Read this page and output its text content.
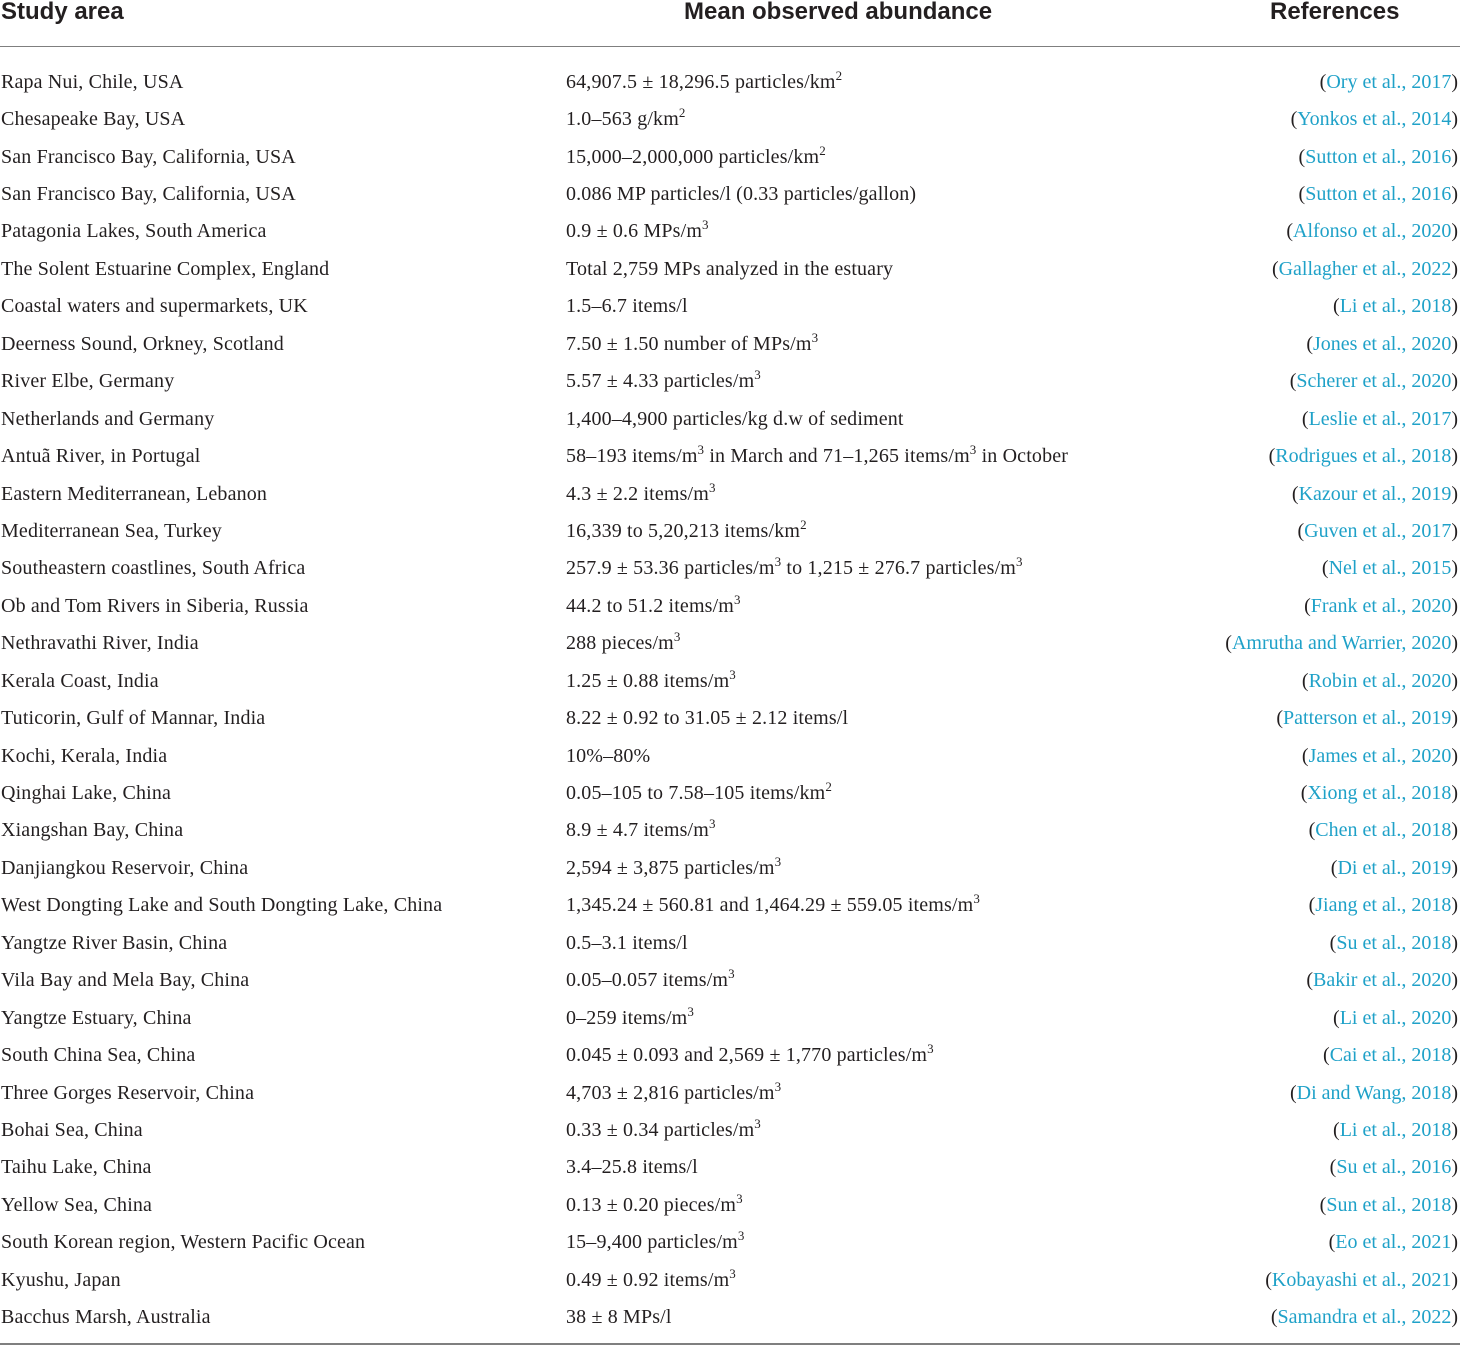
Study area	Mean observed abundance	References
Rapa Nui, Chile, USA	64,907.5 ± 18,296.5 particles/$km^2$	(Ory et al., 2017)
Chesapeake Bay, USA	1.0–563 $g/km^2$	(Yonkos et al., 2014)
San Francisco Bay, California, USA	15,000–2,000,000 particles/$km^2$	(Sutton et al., 2016)
San Francisco Bay, California, USA	0.086 MP particles/l (0.33 particles/gallon)	(Sutton et al., 2016)
Patagonia Lakes, South America	0.9 ± 0.6 MPs/$m^3$	(Alfonso et al., 2020)
The Solent Estuarine Complex, England	Total 2,759 MPs analyzed in the estuary	(Gallagher et al., 2022)
Coastal waters and supermarkets, UK	1.5–6.7 items/l	(Li et al., 2018)
Deerness Sound, Orkney, Scotland	7.50 ± 1.50 number of MPs/$m^3$	(Jones et al., 2020)
River Elbe, Germany	5.57 ± 4.33 particles/$m^3$	(Scherer et al., 2020)
Netherlands and Germany	1,400–4,900 particles/kg d.w of sediment	(Leslie et al., 2017)
Antuã River, in Portugal	58–193 items/$m^3$ in March and 71–1,265 items/$m^3$ in October	(Rodrigues et al., 2018)
Eastern Mediterranean, Lebanon	4.3 ± 2.2 items/$m^3$	(Kazour et al., 2019)
Mediterranean Sea, Turkey	16,339 to 5,20,213 items/$km^2$	(Guven et al., 2017)
Southeastern coastlines, South Africa	257.9 ± 53.36 particles/$m^3$ to 1,215 ± 276.7 particles/$m^3$	(Nel et al., 2015)
Ob and Tom Rivers in Siberia, Russia	44.2 to 51.2 items/$m^3$	(Frank et al., 2020)
Nethravathi River, India	288 pieces/$m^3$	(Amrutha and Warrier, 2020)
Kerala Coast, India	1.25 ± 0.88 items/$m^3$	(Robin et al., 2020)
Tuticorin, Gulf of Mannar, India	8.22 ± 0.92 to 31.05 ± 2.12 items/l	(Patterson et al., 2019)
Kochi, Kerala, India	10%–80%	(James et al., 2020)
Qinghai Lake, China	0.05–105 to 7.58–105 items/$km^2$	(Xiong et al., 2018)
Xiangshan Bay, China	8.9 ± 4.7 items/$m^3$	(Chen et al., 2018)
Danjiangkou Reservoir, China	2,594 ± 3,875 particles/$m^3$	(Di et al., 2019)
West Dongting Lake and South Dongting Lake, China	1,345.24 ± 560.81 and 1,464.29 ± 559.05 items/$m^3$	(Jiang et al., 2018)
Yangtze River Basin, China	0.5–3.1 items/l	(Su et al., 2018)
Vila Bay and Mela Bay, China	0.05–0.057 items/$m^3$	(Bakir et al., 2020)
Yangtze Estuary, China	0–259 items/$m^3$	(Li et al., 2020)
South China Sea, China	0.045 ± 0.093 and 2,569 ± 1,770 particles/$m^3$	(Cai et al., 2018)
Three Gorges Reservoir, China	4,703 ± 2,816 particles/$m^3$	(Di and Wang, 2018)
Bohai Sea, China	0.33 ± 0.34 particles/$m^3$	(Li et al., 2018)
Taihu Lake, China	3.4–25.8 items/l	(Su et al., 2016)
Yellow Sea, China	0.13 ± 0.20 pieces/$m^3$	(Sun et al., 2018)
South Korean region, Western Pacific Ocean	15–9,400 particles/$m^3$	(Eo et al., 2021)
Kyushu, Japan	0.49 ± 0.92 items/$m^3$	(Kobayashi et al., 2021)
Bacchus Marsh, Australia	38 ± 8 MPs/l	(Samandra et al., 2022)
